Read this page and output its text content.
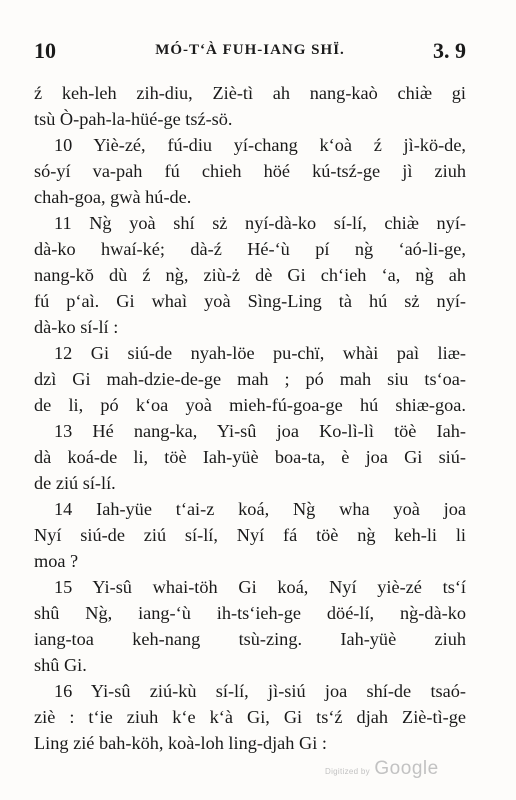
10	MÓ-T‘À FUH-IANG SHÏ.	3. 9
ź keh-leh zih-diu, Ziè-tì ah nang-kaò chiæ̀ gi
tsù Ò-pah-la-hüé-ge tsź-sö.
10 Yiè-zé, fú-diu yí-chang k‘oà ź jì-kö-de,
só-yí va-pah fú chieh höé kú-tsź-ge jì ziuh
chah-goa, gwà hú-de.
11 Ng̀ yoà shí sż nyí-dà-ko sí-lí, chiæ̀ nyí-
dà-ko hwaí-ké; dà-ź Hé-‘ù pí ng̀ ‘aó-li-ge,
nang-kŏ dù ź ng̀, ziù-ż dè Gi ch‘ieh ‘a, ng̀ ah
fú p‘aì. Gi whaì yoà Sìng-Ling tà hú sż nyí-
dà-ko sí-lí :
12 Gi siú-de nyah-löe pu-chï, whài paì liæ-
dzì Gi mah-dzie-de-ge mah ; pó mah siu ts‘oa-
de li, pó k‘oa yoà mieh-fú-goa-ge hú shiæ-goa.
13 Hé nang-ka, Yi-sû joa Ko-lì-lì töè Iah-
dà koá-de li, töè Iah-yüè boa-ta, è joa Gi siú-
de ziú sí-lí.
14 Iah-yüe t‘ai-z koá, Ng̀ wha yoà joa
Nyí siú-de ziú sí-lí, Nyí fá töè ng̀ keh-li li
moa ?
15 Yi-sû whai-töh Gi koá, Nyí yiè-zé ts‘í
shû Ng̀, iang-‘ù ih-ts‘ieh-ge döé-lí, ng̀-dà-ko
iang-toa keh-nang tsù-zing. Iah-yüè ziuh
shû Gi.
16 Yi-sû ziú-kù sí-lí, jì-siú joa shí-de tsaó-
ziè : t‘ie ziuh k‘e k‘à Gi, Gi ts‘ź djah Ziè-tì-ge
Ling zié bah-köh, koà-loh ling-djah Gi :
Digitized by Google
